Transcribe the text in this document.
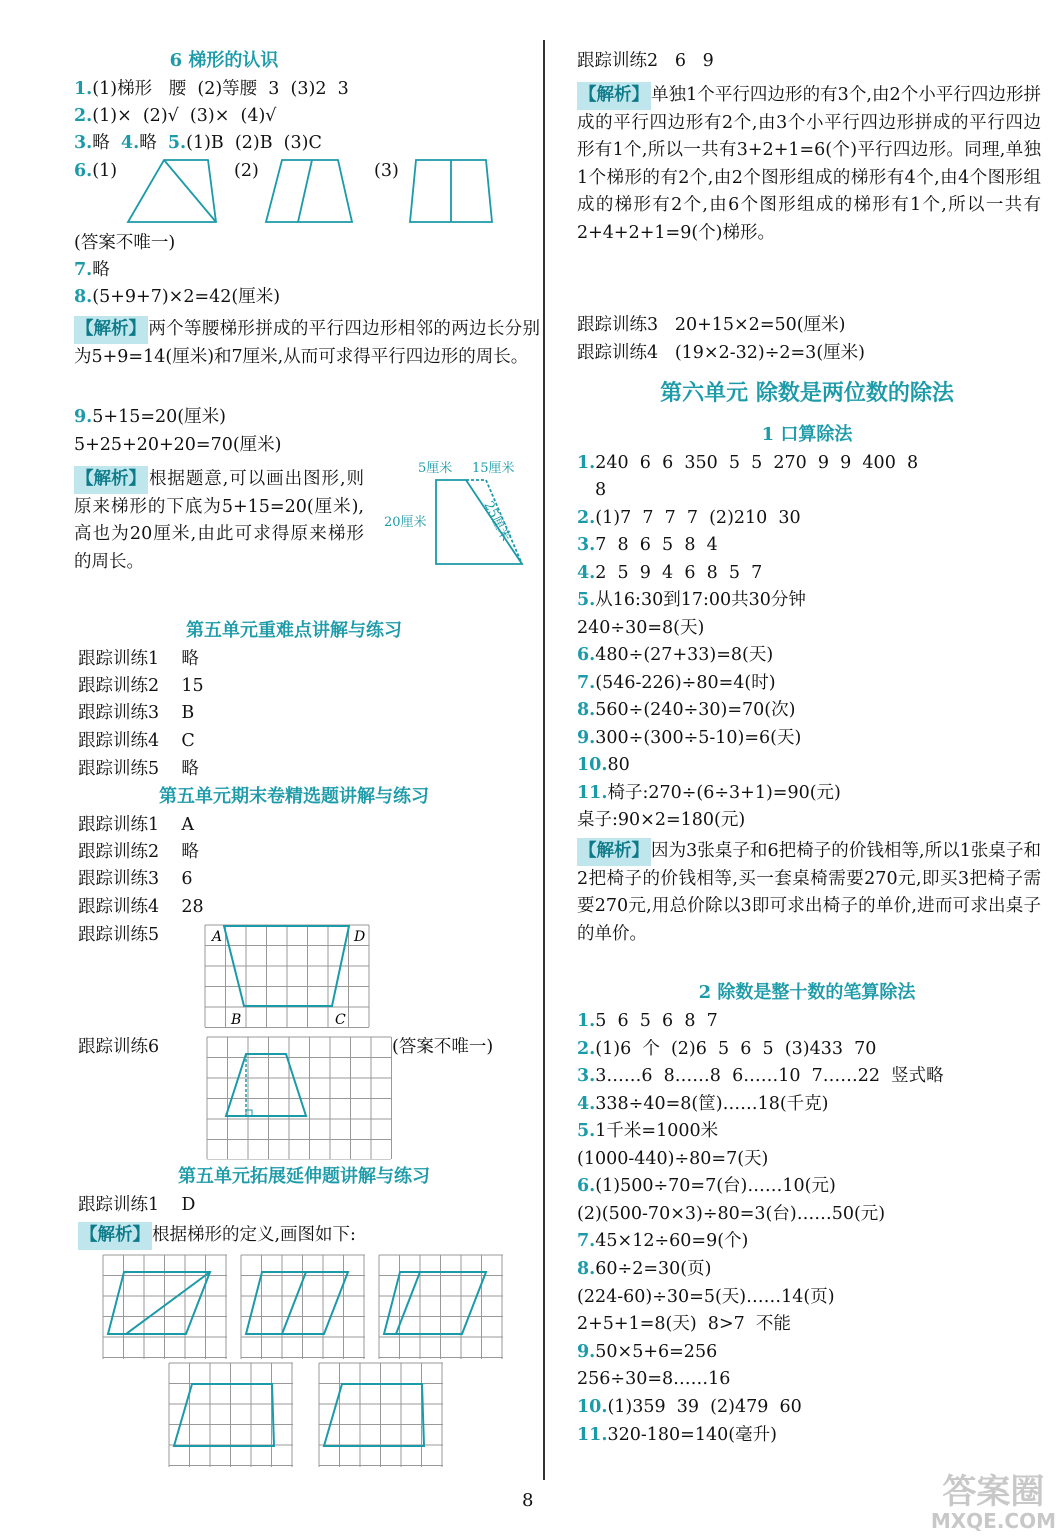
6 梯形的认识
1.(1)梯形   腰  (2)等腰  3  (3)2  3
2.(1)×  (2)√  (3)×  (4)√
3.略  4.略  5.(1)B  (2)B  (3)C
6.(1)	(2)	(3)
(答案不唯一)
7.略
8.(5+9+7)×2=42(厘米)
【解析】 两个等腰梯形拼成的平行四边形相邻的两边长分别为5+9=14(厘米)和7厘米,从而可求得平行四边形的周长。
9.5+15=20(厘米)
5+25+20+20=70(厘米)
【解析】 根据题意,可以画出图形,则原来梯形的下底为5+15=20(厘米),高也为20厘米,由此可求得原来梯形的周长。
5厘米 15厘米
20厘米	25厘米
第五单元重难点讲解与练习
跟踪训练1 略
跟踪训练2 15
跟踪训练3 B
跟踪训练4 C
跟踪训练5 略
第五单元期末卷精选题讲解与练习
跟踪训练1 A
跟踪训练2 略
跟踪训练3 6
跟踪训练4 28
跟踪训练5	A	D
B	C
跟踪训练6	(答案不唯一)
第五单元拓展延伸题讲解与练习
跟踪训练1 D
【解析】 根据梯形的定义,画图如下:
跟踪训练2   6   9
【解析】 单独1个平行四边形的有3个,由2个小平行四边形拼成的平行四边形有2个,由3个小平行四边形拼成的平行四边形有1个,所以一共有3+2+1=6(个)平行四边形。同理,单独1个梯形的有2个,由2个图形组成的梯形有4个,由4个图形组成的梯形有2个,由6个图形组成的梯形有1个,所以一共有2+4+2+1=9(个)梯形。
跟踪训练3   20+15×2=50(厘米)
跟踪训练4   (19×2-32)÷2=3(厘米)
第六单元 除数是两位数的除法
1 口算除法
1.240  6  6  350  5  5  270  9  9  400  8
8
2.(1)7  7  7  7  (2)210  30
3.7  8  6  5  8  4
4.2  5  9  4  6  8  5  7
5.从16:30到17:00共30分钟
240÷30=8(天)
6.480÷(27+33)=8(天)
7.(546-226)÷80=4(时)
8.560÷(240÷30)=70(次)
9.300÷(300÷5-10)=6(天)
10.80
11.椅子:270÷(6÷3+1)=90(元)
桌子:90×2=180(元)
【解析】 因为3张桌子和6把椅子的价钱相等,所以1张桌子和2把椅子的价钱相等,买一套桌椅需要270元,即买3把椅子需要270元,用总价除以3即可求出椅子的单价,进而可求出桌子的单价。
2 除数是整十数的笔算除法
1.5  6  5  6  8  7
2.(1)6  个  (2)6  5  6  5  (3)433  70
3.3……6  8……8  6……10  7……22  竖式略
4.338÷40=8(筐)……18(千克)
5.1千米=1000米
(1000-440)÷80=7(天)
6.(1)500÷70=7(台)……10(元)
(2)(500-70×3)÷80=3(台)……50(元)
7.45×12÷60=9(个)
8.60÷2=30(页)
(224-60)÷30=5(天)……14(页)
2+5+1=8(天)  8>7  不能
9.50×5+6=256
256÷30=8……16
10.(1)359  39  (2)479  60
11.320-180=140(毫升)
8	答案圈
MXQE.COM
